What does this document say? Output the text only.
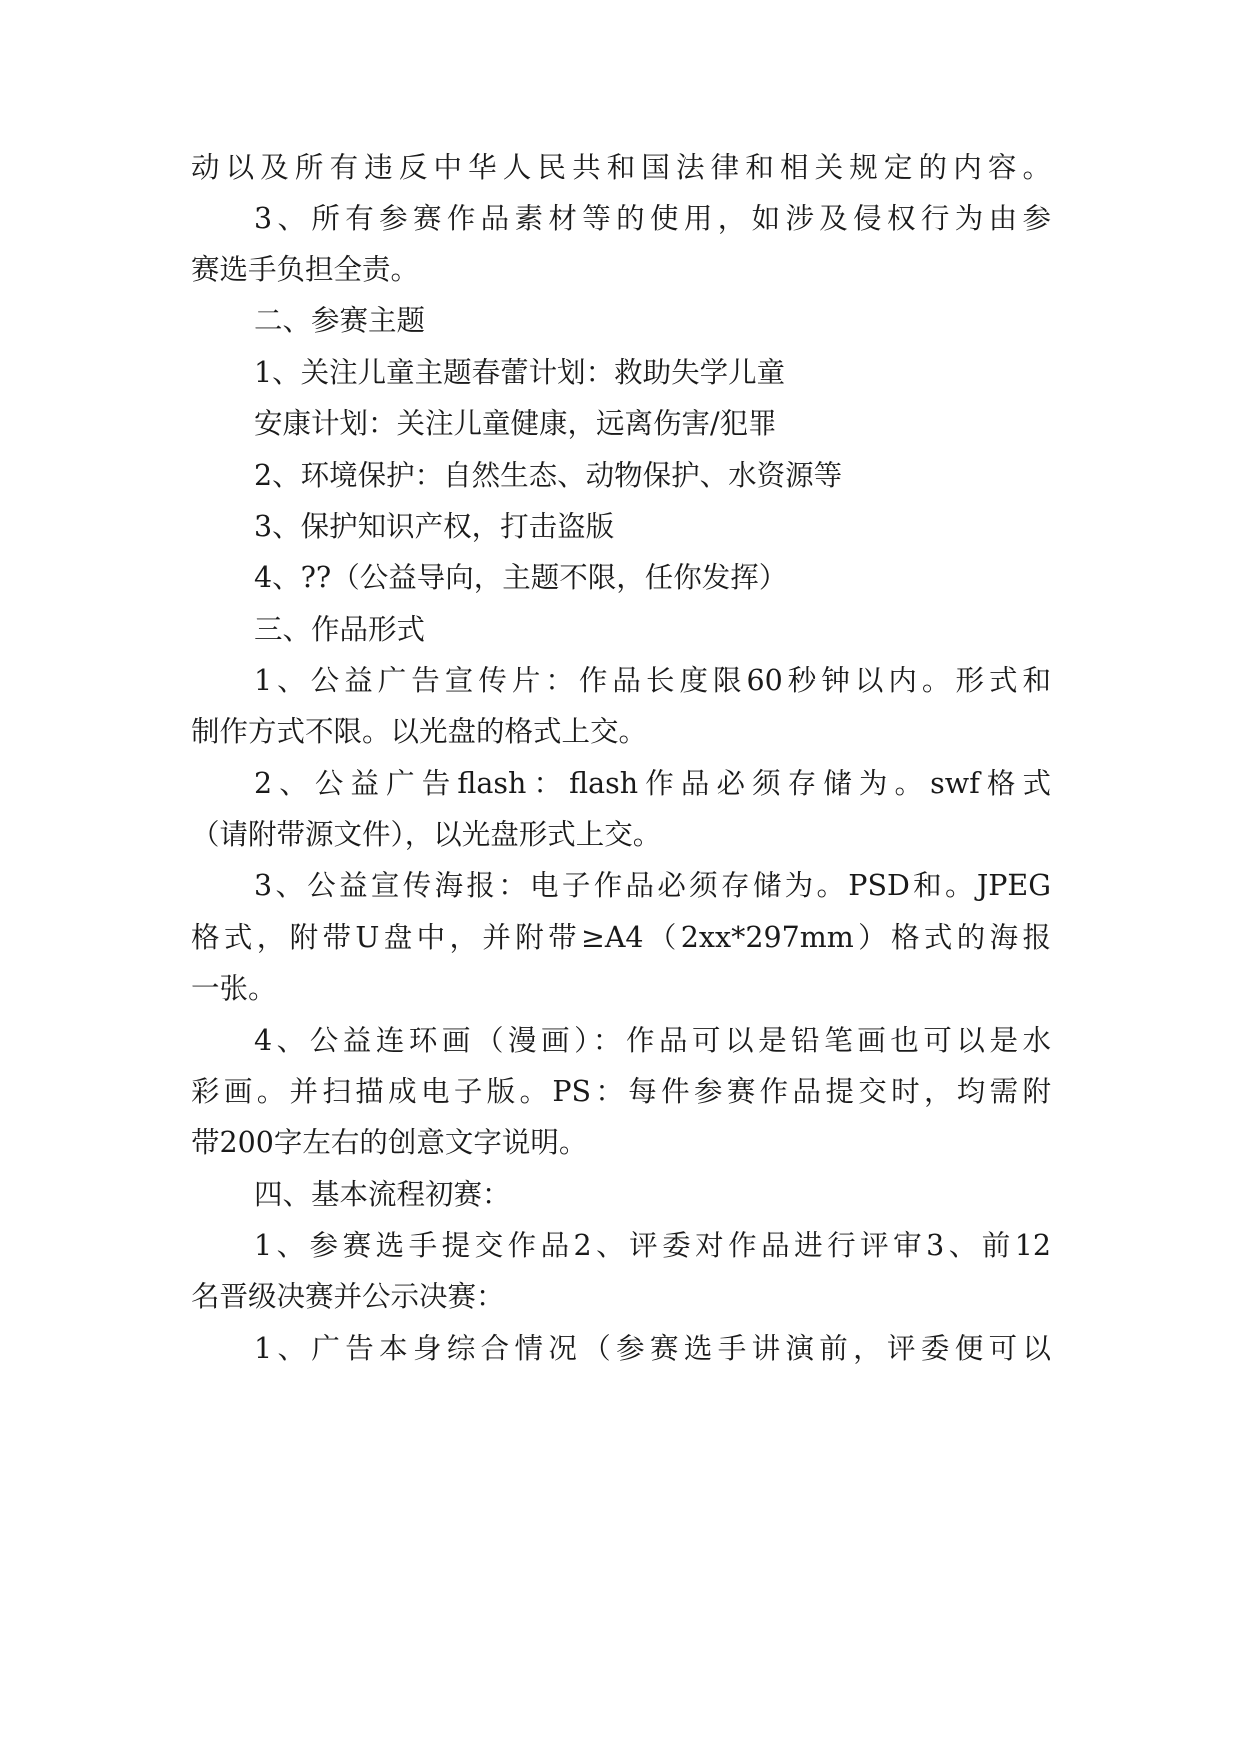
动以及所有违反中华人民共和国法律和相关规定的内容。
3、所有参赛作品素材等的使用，如涉及侵权行为由参
赛选手负担全责。
二、参赛主题
1、关注儿童主题春蕾计划：救助失学儿童
安康计划：关注儿童健康，远离伤害/犯罪
2、环境保护：自然生态、动物保护、水资源等
3、保护知识产权，打击盗版
4、??（公益导向，主题不限，任你发挥）
三、作品形式
1、公益广告宣传片：作品长度限60秒钟以内。形式和
制作方式不限。以光盘的格式上交。
2、公益广告flash：flash作品必须存储为。swf格式
（请附带源文件），以光盘形式上交。
3、公益宣传海报：电子作品必须存储为。PSD和。JPEG
格式，附带U盘中，并附带≥A4（2xx*297mm）格式的海报
一张。
4、公益连环画（漫画）：作品可以是铅笔画也可以是水
彩画。并扫描成电子版。PS：每件参赛作品提交时，均需附
带200字左右的创意文字说明。
四、基本流程初赛：
1、参赛选手提交作品2、评委对作品进行评审3、前12
名晋级决赛并公示决赛：
1、广告本身综合情况（参赛选手讲演前，评委便可以
